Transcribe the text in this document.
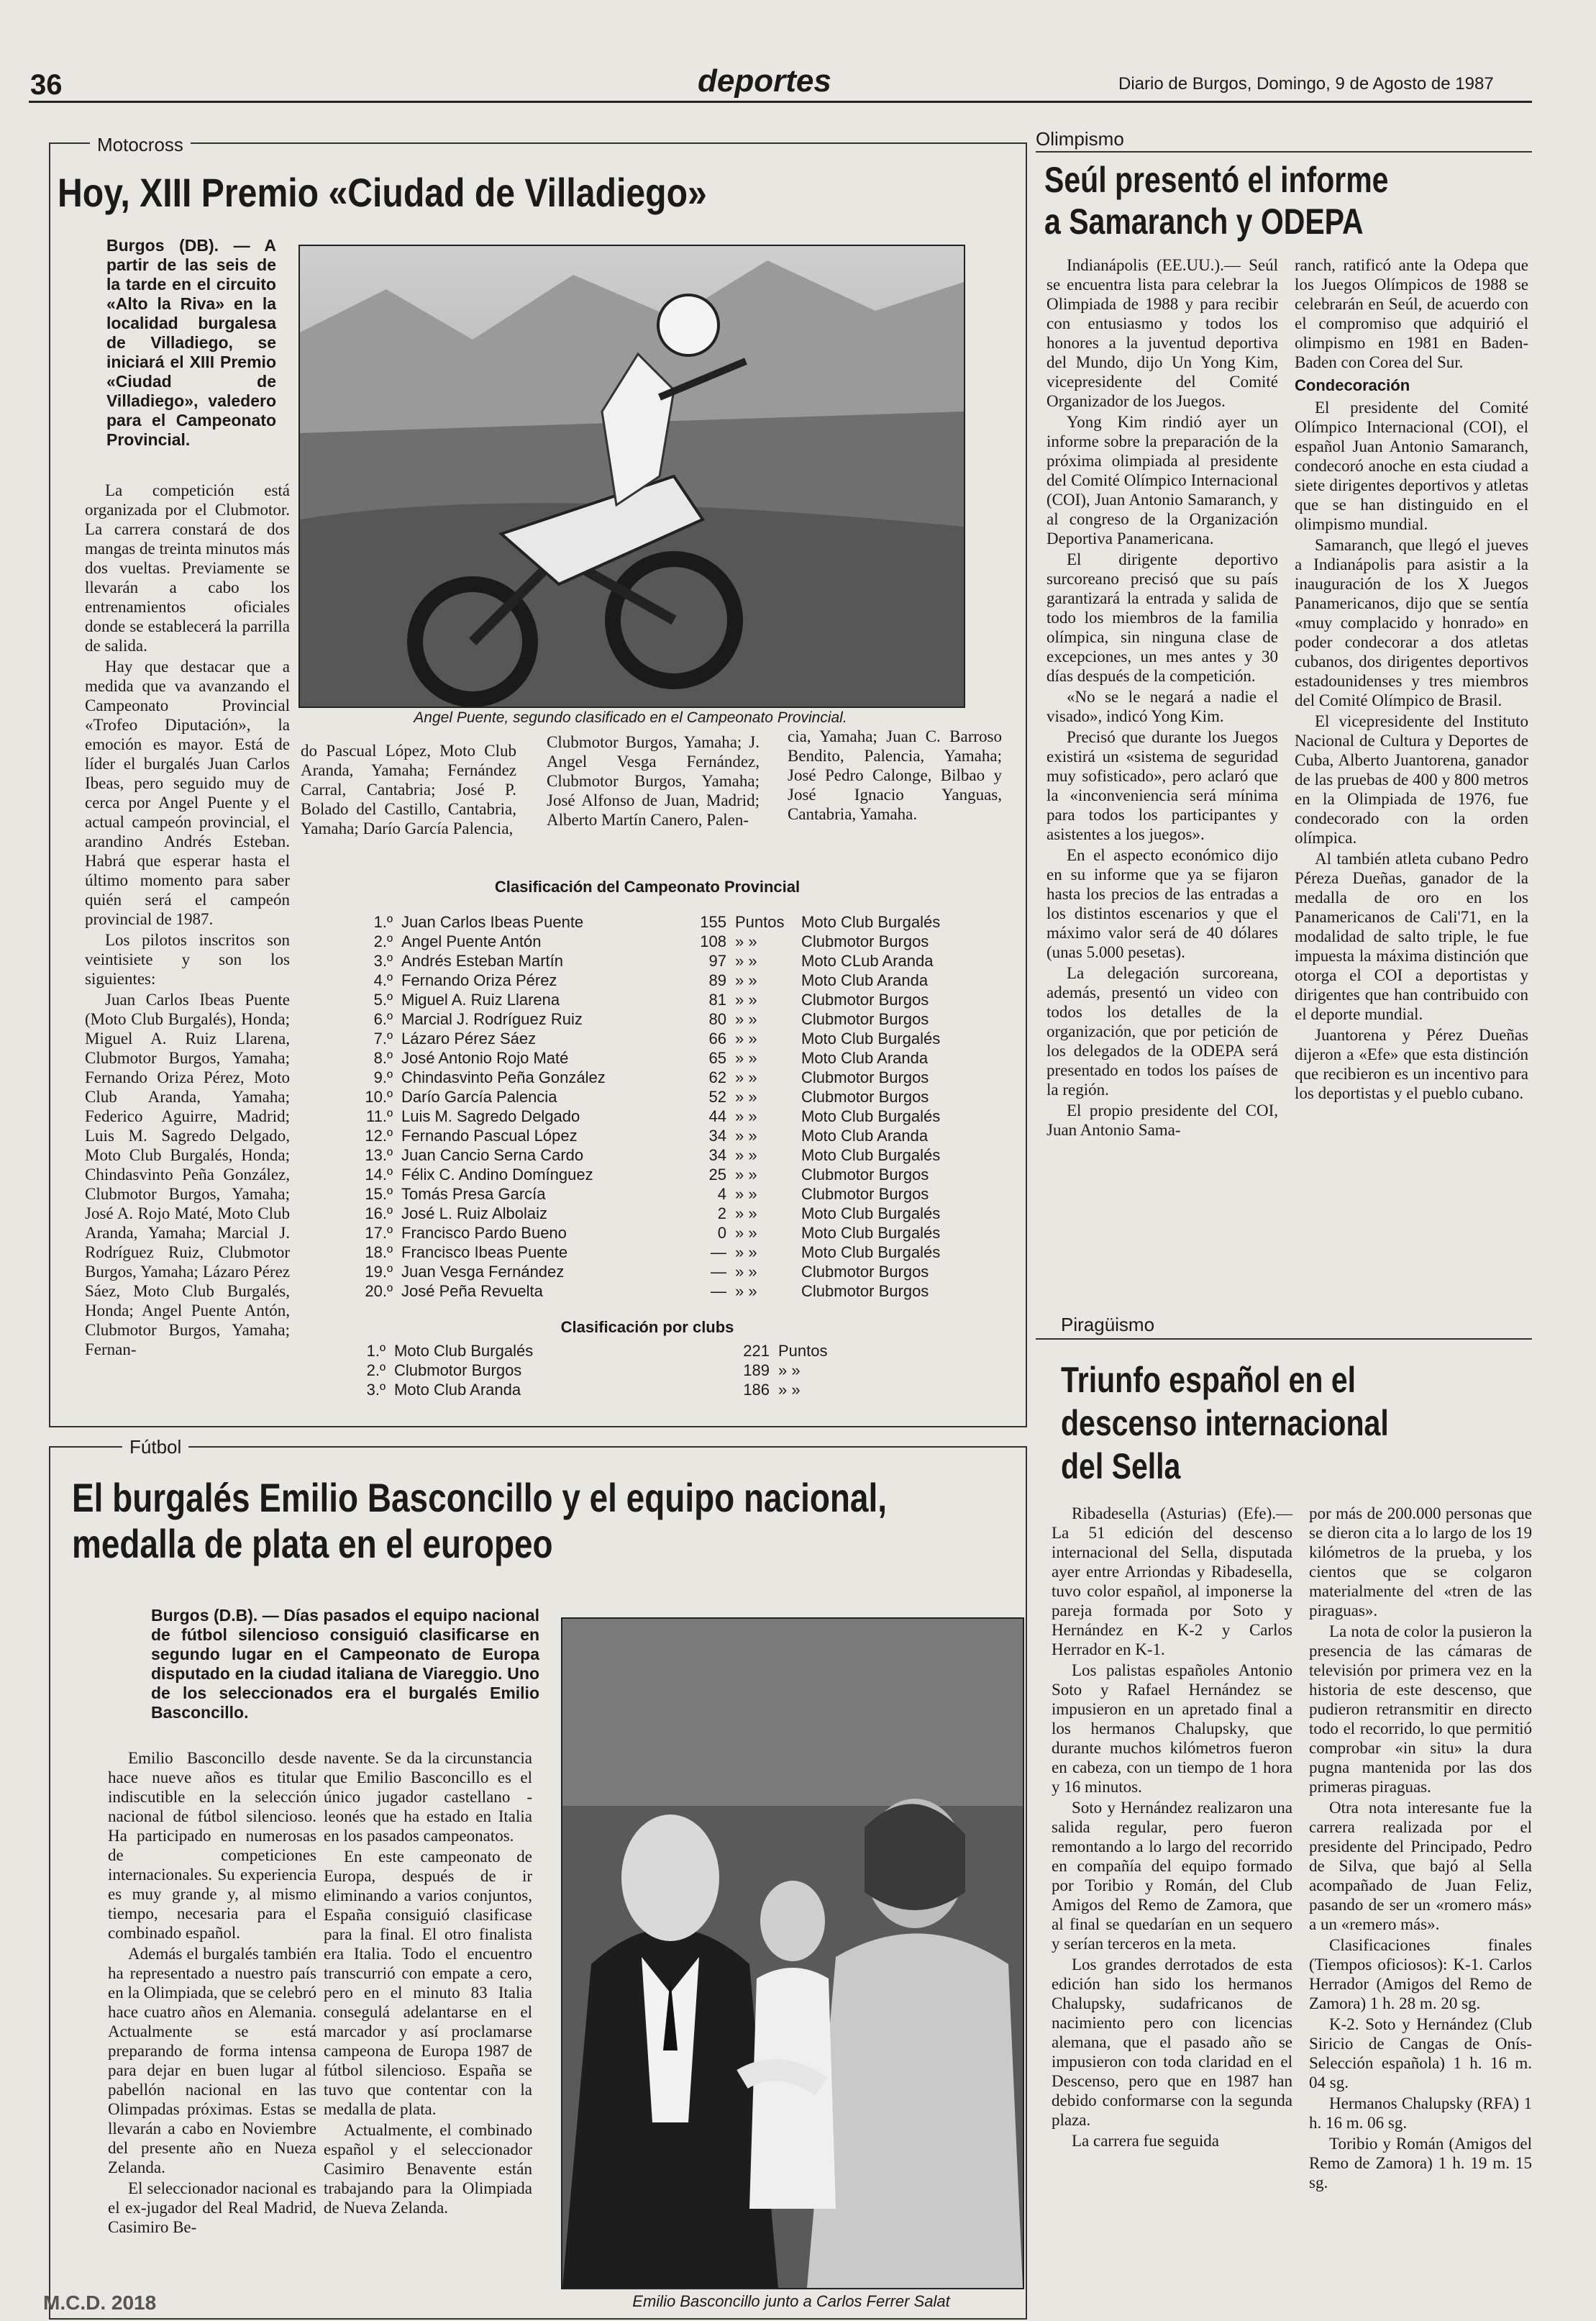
36	deportes	Diario de Burgos, Domingo, 9 de Agosto de 1987
Motocross
Hoy, XIII Premio «Ciudad de Villadiego»
Burgos (DB). — A partir de las seis de la tarde en el circuito «Alto la Riva» en la localidad burgalesa de Villadiego, se iniciará el XIII Premio «Ciudad de Villadiego», valedero para el Campeonato Provincial.

La competición está organizada por el Clubmotor. La carrera constará de dos mangas de treinta minutos más dos vueltas. Previamente se llevarán a cabo los entrenamientos oficiales donde se establecerá la parrilla de salida.

Hay que destacar que a medida que va avanzando el Campeonato Provincial «Trofeo Diputación», la emoción es mayor. Está de líder el burgalés Juan Carlos Ibeas, pero seguido muy de cerca por Angel Puente y el actual campeón provincial, el arandino Andrés Esteban. Habrá que esperar hasta el último momento para saber quién será el campeón provincial de 1987.

Los pilotos inscritos son veintisiete y son los siguientes:

Juan Carlos Ibeas Puente (Moto Club Burgalés), Honda; Miguel A. Ruiz Llarena, Clubmotor Burgos, Yamaha; Fernando Oriza Pérez, Moto Club Aranda, Yamaha; Federico Aguirre, Madrid; Luis M. Sagredo Delgado, Moto Club Burgalés, Honda; Chindasvinto Peña González, Clubmotor Burgos, Yamaha; José A. Rojo Maté, Moto Club Aranda, Yamaha; Marcial J. Rodríguez Ruiz, Clubmotor Burgos, Yamaha; Lázaro Pérez Sáez, Moto Club Burgalés, Honda; Angel Puente Antón, Clubmotor Burgos, Yamaha; Fernan-

Angel Puente, segundo clasificado en el Campeonato Provincial.

do Pascual López, Moto Club Aranda, Yamaha; Fernández Carral, Cantabria; José P. Bolado del Castillo, Cantabria, Yamaha; Darío García Palencia,

Clubmotor Burgos, Yamaha; J. Angel Vesga Fernández, Clubmotor Burgos, Yamaha; José Alfonso de Juan, Madrid; Alberto Martín Canero, Palen-

cia, Yamaha; Juan C. Barroso Bendito, Palencia, Yamaha; José Pedro Calonge, Bilbao y José Ignacio Yanguas, Cantabria, Yamaha.

Clasificación del Campeonato Provincial
1.º	Juan Carlos Ibeas Puente	155	Puntos	Moto Club Burgalés
2.º	Angel Puente Antón	108	» »	Clubmotor Burgos
3.º	Andrés Esteban Martín	97	» »	Moto CLub Aranda
4.º	Fernando Oriza Pérez	89	» »	Moto Club Aranda
5.º	Miguel A. Ruiz Llarena	81	» »	Clubmotor Burgos
6.º	Marcial J. Rodríguez Ruiz	80	» »	Clubmotor Burgos
7.º	Lázaro Pérez Sáez	66	» »	Moto Club Burgalés
8.º	José Antonio Rojo Maté	65	» »	Moto Club Aranda
9.º	Chindasvinto Peña González	62	» »	Clubmotor Burgos
10.º	Darío García Palencia	52	» »	Clubmotor Burgos
11.º	Luis M. Sagredo Delgado	44	» »	Moto Club Burgalés
12.º	Fernando Pascual López	34	» »	Moto Club Aranda
13.º	Juan Cancio Serna Cardo	34	» »	Moto Club Burgalés
14.º	Félix C. Andino Domínguez	25	» »	Clubmotor Burgos
15.º	Tomás Presa García	4	» »	Clubmotor Burgos
16.º	José L. Ruiz Albolaiz	2	» »	Moto Club Burgalés
17.º	Francisco Pardo Bueno	0	» »	Moto Club Burgalés
18.º	Francisco Ibeas Puente	—	» »	Moto Club Burgalés
19.º	Juan Vesga Fernández	—	» »	Clubmotor Burgos
20.º	José Peña Revuelta	—	» »	Clubmotor Burgos
Clasificación por clubs
1.º	Moto Club Burgalés	221	Puntos
2.º	Clubmotor Burgos	189	» »
3.º	Moto Club Aranda	186	» »
Olimpismo
Seúl presentó el informe
a Samaranch y ODEPA

Indianápolis (EE.UU.).— Seúl se encuentra lista para celebrar la Olimpiada de 1988 y para recibir con entusiasmo y todos los honores a la juventud deportiva del Mundo, dijo Un Yong Kim, vicepresidente del Comité Organizador de los Juegos.

Yong Kim rindió ayer un informe sobre la preparación de la próxima olimpiada al presidente del Comité Olímpico Internacional (COI), Juan Antonio Samaranch, y al congreso de la Organización Deportiva Panamericana.

El dirigente deportivo surcoreano precisó que su país garantizará la entrada y salida de todo los miembros de la familia olímpica, sin ninguna clase de excepciones, un mes antes y 30 días después de la competición.

«No se le negará a nadie el visado», indicó Yong Kim.

Precisó que durante los Juegos existirá un «sistema de seguridad muy sofisticado», pero aclaró que la «inconveniencia será mínima para todos los participantes y asistentes a los juegos».

En el aspecto económico dijo en su informe que ya se fijaron hasta los precios de las entradas a los distintos escenarios y que el máximo valor será de 40 dólares (unas 5.000 pesetas).

La delegación surcoreana, además, presentó un video con todos los detalles de la organización, que por petición de los delegados de la ODEPA será presentado en todos los países de la región.

El propio presidente del COI, Juan Antonio Sama-

ranch, ratificó ante la Odepa que los Juegos Olímpicos de 1988 se celebrarán en Seúl, de acuerdo con el compromiso que adquirió el olimpismo en 1981 en Baden-Baden con Corea del Sur.

Condecoración

El presidente del Comité Olímpico Internacional (COI), el español Juan Antonio Samaranch, condecoró anoche en esta ciudad a siete dirigentes deportivos y atletas que se han distinguido en el olimpismo mundial.

Samaranch, que llegó el jueves a Indianápolis para asistir a la inauguración de los X Juegos Panamericanos, dijo que se sentía «muy complacido y honrado» en poder condecorar a dos atletas cubanos, dos dirigentes deportivos estadounidenses y tres miembros del Comité Olímpico de Brasil.

El vicepresidente del Instituto Nacional de Cultura y Deportes de Cuba, Alberto Juantorena, ganador de las pruebas de 400 y 800 metros en la Olimpiada de 1976, fue condecorado con la orden olímpica.

Al también atleta cubano Pedro Péreza Dueñas, ganador de la medalla de oro en los Panamericanos de Cali'71, en la modalidad de salto triple, le fue impuesta la máxima distinción que otorga el COI a deportistas y dirigentes que han contribuido con el deporte mundial.

Juantorena y Pérez Dueñas dijeron a «Efe» que esta distinción que recibieron es un incentivo para los deportistas y el pueblo cubano.

Piragüismo
Triunfo español en el descenso internacional del Sella

Ribadesella (Asturias) (Efe).— La 51 edición del descenso internacional del Sella, disputada ayer entre Arriondas y Ribadesella, tuvo color español, al imponerse la pareja formada por Soto y Hernández en K-2 y Carlos Herrador en K-1.

Los palistas españoles Antonio Soto y Rafael Hernández se impusieron en un apretado final a los hermanos Chalupsky, que durante muchos kilómetros fueron en cabeza, con un tiempo de 1 hora y 16 minutos.

Soto y Hernández realizaron una salida regular, pero fueron remontando a lo largo del recorrido en compañía del equipo formado por Toribio y Román, del Club Amigos del Remo de Zamora, que al final se quedarían en un sequero y serían terceros en la meta.

Los grandes derrotados de esta edición han sido los hermanos Chalupsky, sudafricanos de nacimiento pero con licencias alemana, que el pasado año se impusieron con toda claridad en el Descenso, pero que en 1987 han debido conformarse con la segunda plaza.

La carrera fue seguida

por más de 200.000 personas que se dieron cita a lo largo de los 19 kilómetros de la prueba, y los cientos que se colgaron materialmente del «tren de las piraguas».

La nota de color la pusieron la presencia de las cámaras de televisión por primera vez en la historia de este descenso, que pudieron retransmitir en directo todo el recorrido, lo que permitió comprobar «in situ» la dura pugna mantenida por las dos primeras piraguas.

Otra nota interesante fue la carrera realizada por el presidente del Principado, Pedro de Silva, que bajó al Sella acompañado de Juan Feliz, pasando de ser un «romero más» a un «remero más».

Clasificaciones finales (Tiempos oficiosos): K-1. Carlos Herrador (Amigos del Remo de Zamora) 1 h. 28 m. 20 sg.

K-2. Soto y Hernández (Club Siricio de Cangas de Onís-Selección española) 1 h. 16 m. 04 sg.

Hermanos Chalupsky (RFA) 1 h. 16 m. 06 sg.

Toribio y Román (Amigos del Remo de Zamora) 1 h. 19 m. 15 sg.

Fútbol
El burgalés Emilio Basconcillo y el equipo nacional,
medalla de plata en el europeo
Burgos (D.B). — Días pasados el equipo nacional de fútbol silencioso consiguió clasificarse en segundo lugar en el Campeonato de Europa disputado en la ciudad italiana de Viareggio. Uno de los seleccionados era el burgalés Emilio Basconcillo.

Emilio Basconcillo desde hace nueve años es titular indiscutible en la selección nacional de fútbol silencioso. Ha participado en numerosas de competiciones internacionales. Su experiencia es muy grande y, al mismo tiempo, necesaria para el combinado español.

Además el burgalés también ha representado a nuestro país en la Olimpiada, que se celebró hace cuatro años en Alemania. Actualmente se está preparando de forma intensa para dejar en buen lugar al pabellón nacional en las Olimpadas próximas. Estas se llevarán a cabo en Noviembre del presente año en Nueza Zelanda.

El seleccionador nacional es el ex-jugador del Real Madrid, Casimiro Be-

navente. Se da la circunstancia que Emilio Basconcillo es el único jugador castellano - leonés que ha estado en Italia en los pasados campeonatos.

En este campeonato de Europa, después de ir eliminando a varios conjuntos, España consiguió clasificase para la final. El otro finalista era Italia. Todo el encuentro transcurrió con empate a cero, pero en el minuto 83 Italia consegulá adelantarse en el marcador y así proclamarse campeona de Europa 1987 de fútbol silencioso. España se tuvo que contentar con la medalla de plata.

Actualmente, el combinado español y el seleccionador Casimiro Benavente están trabajando para la Olimpiada de Nueva Zelanda.

Emilio Basconcillo junto a Carlos Ferrer Salat
M.C.D. 2018
